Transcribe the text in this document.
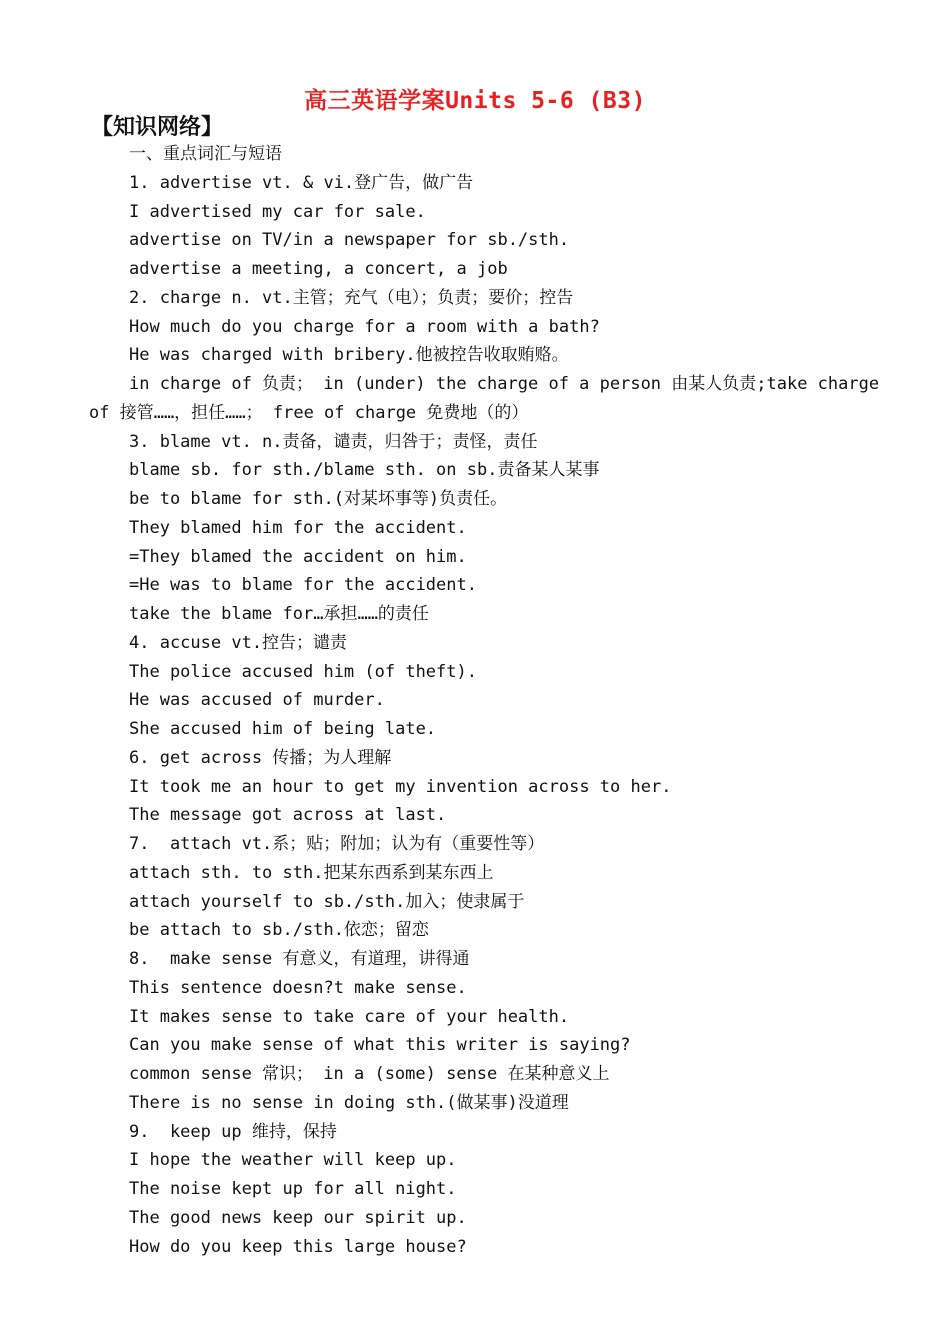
高三英语学案Units 5-6 (B3)
【知识网络】
一、重点词汇与短语
1. advertise vt. & vi.登广告，做广告
I advertised my car for sale.
advertise on TV/in a newspaper for sb./sth.
advertise a meeting, a concert, a job
2. charge n. vt.主管；充气（电）；负责；要价；控告
How much do you charge for a room with a bath?
He was charged with bribery.他被控告收取贿赂。
in charge of 负责； in (under) the charge of a person 由某人负责;take charge
of 接管……，担任……； free of charge 免费地（的）
3. blame vt. n.责备，谴责，归咎于；责怪，责任
blame sb. for sth./blame sth. on sb.责备某人某事
be to blame for sth.(对某坏事等)负责任。
They blamed him for the accident.
=They blamed the accident on him.
=He was to blame for the accident.
take the blame for…承担……的责任
4. accuse vt.控告；谴责
The police accused him (of theft).
He was accused of murder.
She accused him of being late.
6. get across 传播；为人理解
It took me an hour to get my invention across to her.
The message got across at last.
7.  attach vt.系；贴；附加；认为有（重要性等）
attach sth. to sth.把某东西系到某东西上
attach yourself to sb./sth.加入；使隶属于
be attach to sb./sth.依恋；留恋
8.  make sense 有意义，有道理，讲得通
This sentence doesn?t make sense.
It makes sense to take care of your health.
Can you make sense of what this writer is saying?
common sense 常识； in a (some) sense 在某种意义上
There is no sense in doing sth.(做某事)没道理
9.  keep up 维持，保持
I hope the weather will keep up.
The noise kept up for all night.
The good news keep our spirit up.
How do you keep this large house?
